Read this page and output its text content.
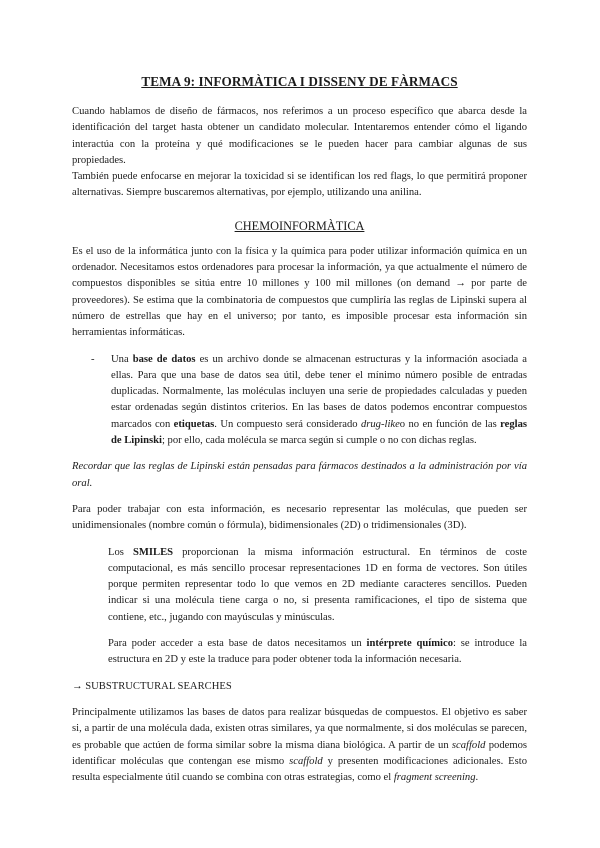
TEMA 9: INFORMÀTICA I DISSENY DE FÀRMACS

Cuando hablamos de diseño de fármacos, nos referimos a un proceso específico que abarca desde la identificación del target hasta obtener un candidato molecular. Intentaremos entender cómo el ligando interactúa con la proteína y qué modificaciones se le pueden hacer para cambiar algunas de sus propiedades.

También puede enfocarse en mejorar la toxicidad si se identifican los red flags, lo que permitirá proponer alternativas. Siempre buscaremos alternativas, por ejemplo, utilizando una anilina.

CHEMOINFORMÀTICA

Es el uso de la informática junto con la física y la química para poder utilizar información química en un ordenador. Necesitamos estos ordenadores para procesar la información, ya que actualmente el número de compuestos disponibles se sitúa entre 10 millones y 100 mil millones (on demand → por parte de proveedores). Se estima que la combinatoria de compuestos que cumpliría las reglas de Lipinski supera al número de estrellas que hay en el universo; por tanto, es imposible procesar esta información sin herramientas informáticas.

- Una base de datos es un archivo donde se almacenan estructuras y la información asociada a ellas. Para que una base de datos sea útil, debe tener el mínimo número posible de entradas duplicadas. Normalmente, las moléculas incluyen una serie de propiedades calculadas y pueden estar ordenadas según distintos criterios. En las bases de datos podemos encontrar compuestos marcados con etiquetas. Un compuesto será considerado drug-likeo no en función de las reglas de Lipinski; por ello, cada molécula se marca según si cumple o no con dichas reglas.

Recordar que las reglas de Lipinski están pensadas para fármacos destinados a la administración por vía oral.

Para poder trabajar con esta información, es necesario representar las moléculas, que pueden ser unidimensionales (nombre común o fórmula), bidimensionales (2D) o tridimensionales (3D).

Los SMILES proporcionan la misma información estructural. En términos de coste computacional, es más sencillo procesar representaciones 1D en forma de vectores. Son útiles porque permiten representar todo lo que vemos en 2D mediante caracteres sencillos. Pueden indicar si una molécula tiene carga o no, si presenta ramificaciones, el tipo de sistema que contiene, etc., jugando con mayúsculas y minúsculas.

Para poder acceder a esta base de datos necesitamos un intérprete químico: se introduce la estructura en 2D y este la traduce para poder obtener toda la información necesaria.

→ SUBSTRUCTURAL SEARCHES

Principalmente utilizamos las bases de datos para realizar búsquedas de compuestos. El objetivo es saber si, a partir de una molécula dada, existen otras similares, ya que normalmente, si dos moléculas se parecen, es probable que actúen de forma similar sobre la misma diana biológica. A partir de un scaffold podemos identificar moléculas que contengan ese mismo scaffold y presenten modificaciones adicionales. Esto resulta especialmente útil cuando se combina con otras estrategias, como el fragment screening.
